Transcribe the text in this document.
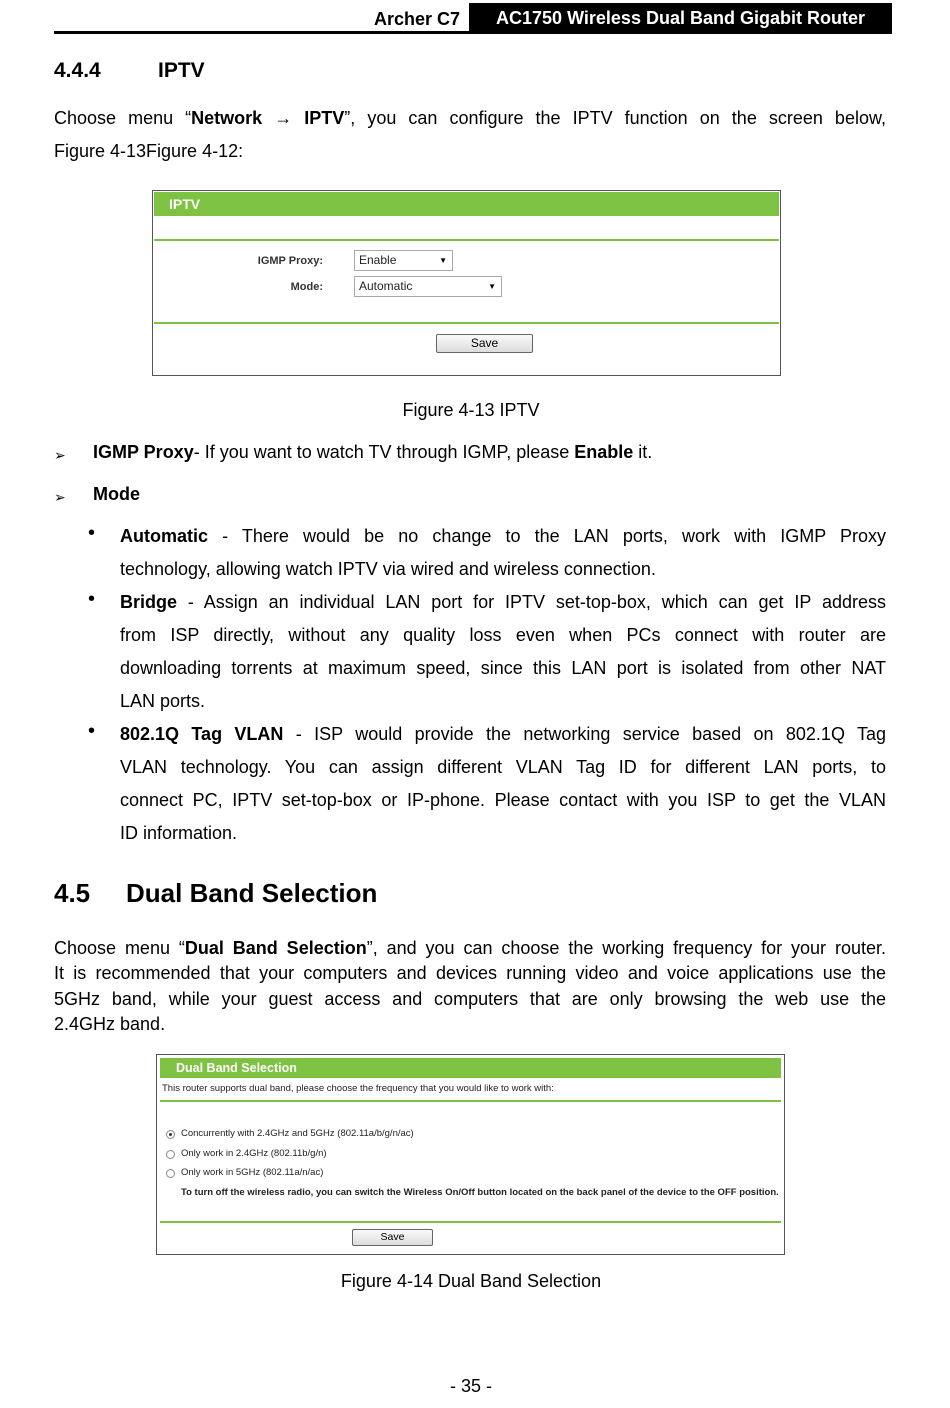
Archer C7	AC1750 Wireless Dual Band Gigabit Router
4.4.4	IPTV
Choose menu “Network → IPTV”, you can configure the IPTV function on the screen below,
Figure 4-13Figure 4-12:
IPTV
IGMP Proxy:	Enable	▼
Mode:	Automatic	▼
Save
Figure 4-13 IPTV
➢ IGMP Proxy- If you want to watch TV through IGMP, please Enable it.
➢ Mode
• Automatic - There would be no change to the LAN ports, work with IGMP Proxy
technology, allowing watch IPTV via wired and wireless connection.
• Bridge - Assign an individual LAN port for IPTV set-top-box, which can get IP address
from ISP directly, without any quality loss even when PCs connect with router are
downloading torrents at maximum speed, since this LAN port is isolated from other NAT
LAN ports.
• 802.1Q Tag VLAN - ISP would provide the networking service based on 802.1Q Tag
VLAN technology. You can assign different VLAN Tag ID for different LAN ports, to
connect PC, IPTV set-top-box or IP-phone. Please contact with you ISP to get the VLAN
ID information.
4.5 Dual Band Selection
Choose menu “Dual Band Selection”, and you can choose the working frequency for your router.
It is recommended that your computers and devices running video and voice applications use the
5GHz band, while your guest access and computers that are only browsing the web use the
2.4GHz band.
Dual Band Selection
This router supports dual band, please choose the frequency that you would like to work with:
Concurrently with 2.4GHz and 5GHz (802.11a/b/g/n/ac)
Only work in 2.4GHz (802.11b/g/n)
Only work in 5GHz (802.11a/n/ac)
To turn off the wireless radio, you can switch the Wireless On/Off button located on the back panel of the device to the OFF position.
Save
Figure 4-14 Dual Band Selection
- 35 -
